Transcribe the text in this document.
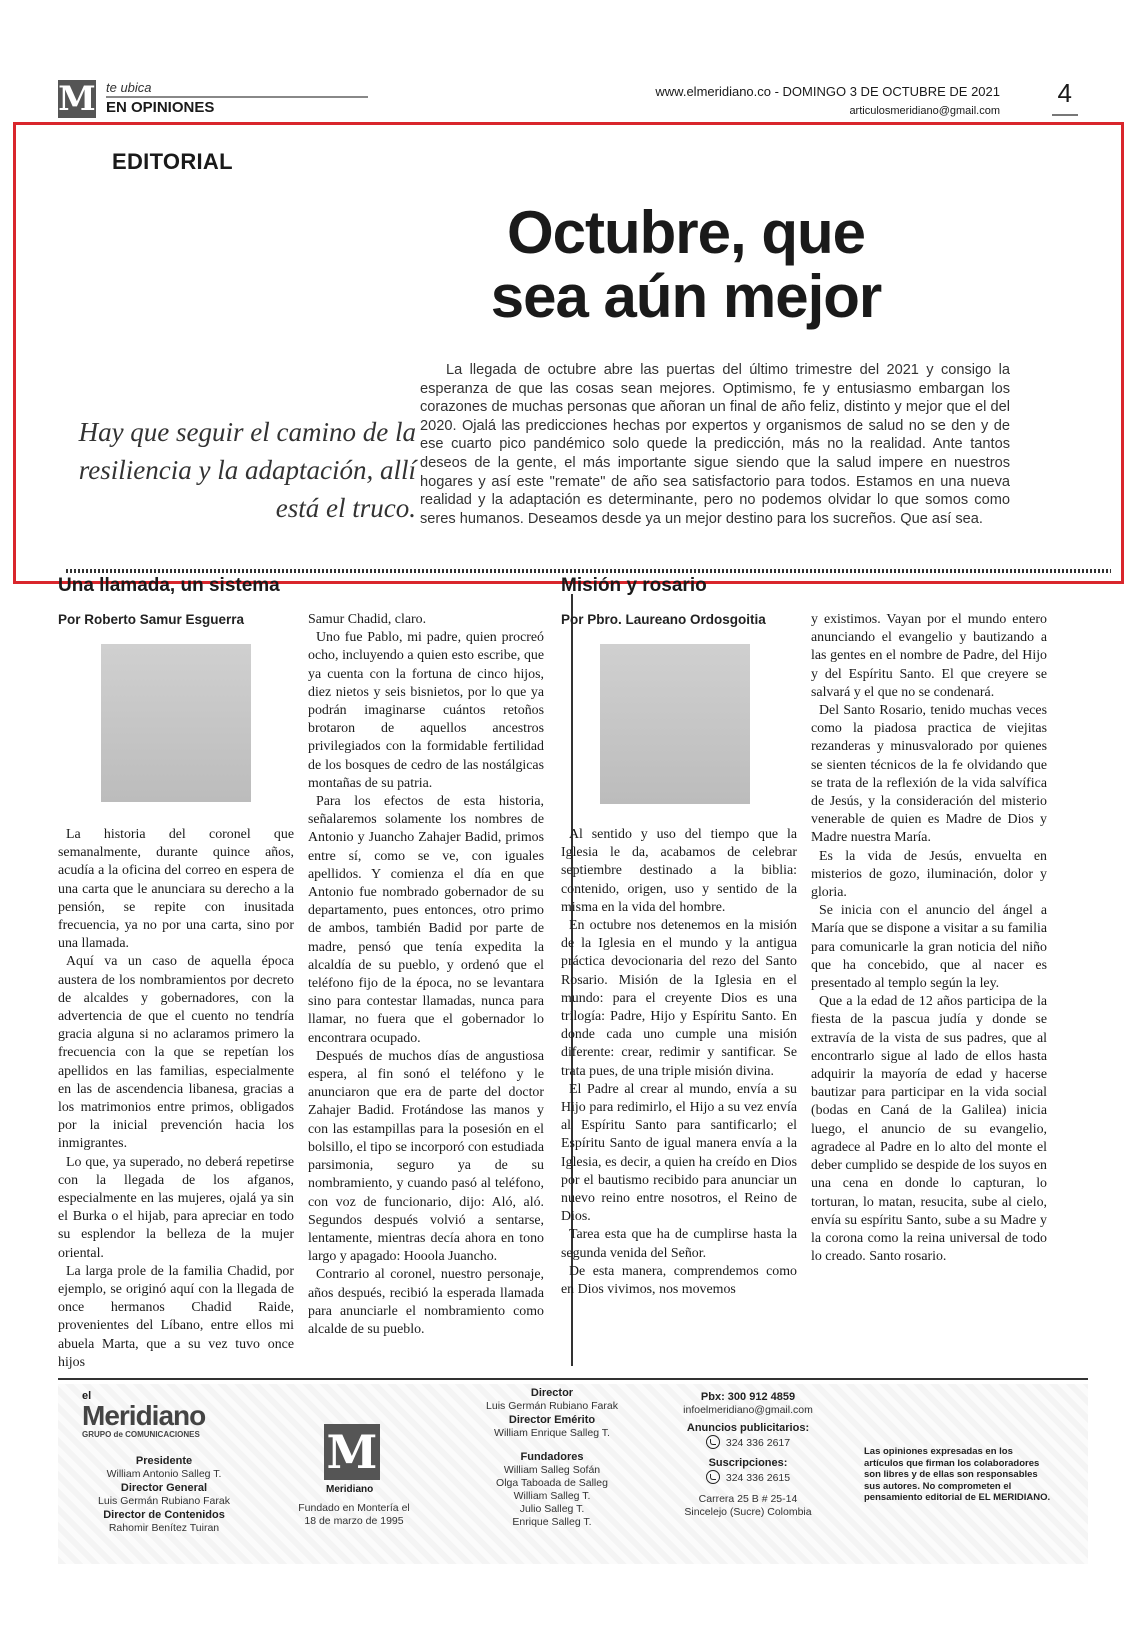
M te ubica
EN OPINIONES
www.elmeridiano.co - DOMINGO 3 DE OCTUBRE DE 2021
articulosmeridiano@gmail.com
4
EDITORIAL
Octubre, que
sea aún mejor
Hay que seguir el camino de la resiliencia y la adaptación, allí está el truco.

La llegada de octubre abre las puertas del último trimestre del 2021 y consigo la esperanza de que las cosas sean mejores. Optimismo, fe y entusiasmo embargan los corazones de muchas personas que añoran un final de año feliz, distinto y mejor que el del 2020. Ojalá las predicciones hechas por expertos y organismos de salud no se den y de ese cuarto pico pandémico solo quede la predicción, más no la realidad. Ante tantos deseos de la gente, el más importante sigue siendo que la salud impere en nuestros hogares y así este "remate" de año sea satisfactorio para todos. Estamos en una nueva realidad y la adaptación es determinante, pero no podemos olvidar lo que somos como seres humanos. Deseamos desde ya un mejor destino para los sucreños. Que así sea.

Una llamada, un sistema
Por Roberto Samur Esguerra

La historia del coronel que semanalmente, durante quince años, acudía a la oficina del correo en espera de una carta que le anunciara su derecho a la pensión, se repite con inusitada frecuencia, ya no por una carta, sino por una llamada.

Aquí va un caso de aquella época austera de los nombramientos por decreto de alcaldes y gobernadores, con la advertencia de que el cuento no tendría gracia alguna si no aclaramos primero la frecuencia con la que se repetían los apellidos en las familias, especialmente en las de ascendencia libanesa, gracias a los matrimonios entre primos, obligados por la inicial prevención hacia los inmigrantes.

Lo que, ya superado, no deberá repetirse con la llegada de los afganos, especialmente en las mujeres, ojalá ya sin el Burka o el hijab, para apreciar en todo su esplendor la belleza de la mujer oriental.

La larga prole de la familia Chadid, por ejemplo, se originó aquí con la llegada de once hermanos Chadid Raide, provenientes del Líbano, entre ellos mi abuela Marta, que a su vez tuvo once hijos

Samur Chadid, claro.

Uno fue Pablo, mi padre, quien procreó ocho, incluyendo a quien esto escribe, que ya cuenta con la fortuna de cinco hijos, diez nietos y seis bisnietos, por lo que ya podrán imaginarse cuántos retoños brotaron de aquellos ancestros privilegiados con la formidable fertilidad de los bosques de cedro de las nostálgicas montañas de su patria.

Para los efectos de esta historia, señalaremos solamente los nombres de Antonio y Juancho Zahajer Badid, primos entre sí, como se ve, con iguales apellidos. Y comienza el día en que Antonio fue nombrado gobernador de su departamento, pues entonces, otro primo de ambos, también Badid por parte de madre, pensó que tenía expedita la alcaldía de su pueblo, y ordenó que el teléfono fijo de la época, no se levantara sino para contestar llamadas, nunca para llamar, no fuera que el gobernador lo encontrara ocupado.

Después de muchos días de angustiosa espera, al fin sonó el teléfono y le anunciaron que era de parte del doctor Zahajer Badid. Frotándose las manos y con las estampillas para la posesión en el bolsillo, el tipo se incorporó con estudiada parsimonia, seguro ya de su nombramiento, y cuando pasó al teléfono, con voz de funcionario, dijo: Aló, aló. Segundos después volvió a sentarse, lentamente, mientras decía ahora en tono largo y apagado: Hooola Juancho.

Contrario al coronel, nuestro personaje, años después, recibió la esperada llamada para anunciarle el nombramiento como alcalde de su pueblo.

Misión y rosario
Por Pbro. Laureano Ordosgoitia

Al sentido y uso del tiempo que la Iglesia le da, acabamos de celebrar septiembre destinado a la biblia: contenido, origen, uso y sentido de la misma en la vida del hombre.

En octubre nos detenemos en la misión de la Iglesia en el mundo y la antigua práctica devocionaria del rezo del Santo Rosario. Misión de la Iglesia en el mundo: para el creyente Dios es una trilogía: Padre, Hijo y Espíritu Santo. En donde cada uno cumple una misión diferente: crear, redimir y santificar. Se trata pues, de una triple misión divina.

El Padre al crear al mundo, envía a su Hijo para redimirlo, el Hijo a su vez envía al Espíritu Santo para santificarlo; el Espíritu Santo de igual manera envía a la Iglesia, es decir, a quien ha creído en Dios por el bautismo recibido para anunciar un nuevo reino entre nosotros, el Reino de Dios.

Tarea esta que ha de cumplirse hasta la segunda venida del Señor.

De esta manera, comprendemos como en Dios vivimos, nos movemos

y existimos. Vayan por el mundo entero anunciando el evangelio y bautizando a las gentes en el nombre de Padre, del Hijo y del Espíritu Santo. El que creyere se salvará y el que no se condenará.

Del Santo Rosario, tenido muchas veces como la piadosa practica de viejitas rezanderas y minusvalorado por quienes se sienten técnicos de la fe olvidando que se trata de la reflexión de la vida salvífica de Jesús, y la consideración del misterio venerable de quien es Madre de Dios y Madre nuestra María.

Es la vida de Jesús, envuelta en misterios de gozo, iluminación, dolor y gloria.

Se inicia con el anuncio del ángel a María que se dispone a visitar a su familia para comunicarle la gran noticia del niño que ha concebido, que al nacer es presentado al templo según la ley.

Que a la edad de 12 años participa de la fiesta de la pascua judía y donde se extravía de la vista de sus padres, que al encontrarlo sigue al lado de ellos hasta adquirir la mayoría de edad y hacerse bautizar para participar en la vida social (bodas en Caná de la Galilea) inicia luego, el anuncio de su evangelio, agradece al Padre en lo alto del monte el deber cumplido se despide de los suyos en una cena en donde lo capturan, lo torturan, lo matan, resucita, sube al cielo, envía su espíritu Santo, sube a su Madre y la corona como la reina universal de todo lo creado. Santo rosario.

el
Meridiano
GRUPO de COMUNICACIONES
Presidente
William Antonio Salleg T.
Director General
Luis Germán Rubiano Farak
Director de Contenidos
Rahomir Benítez Tuiran
M
Meridiano
Fundado en Montería el 18 de marzo de 1995
Director
Luis Germán Rubiano Farak
Director Emérito
William Enrique Salleg T.
Fundadores
William Salleg Sofán
Olga Taboada de Salleg
William Salleg T.
Julio Salleg T.
Enrique Salleg T.
Pbx: 300 912 4859
infoelmeridiano@gmail.com
Anuncios publicitarios:
324 336 2617
Suscripciones:
324 336 2615
Carrera 25 B # 25-14
Sincelejo (Sucre) Colombia
Las opiniones expresadas en los artículos que firman los colaboradores son libres y de ellas son responsables sus autores. No comprometen el pensamiento editorial de EL MERIDIANO.
